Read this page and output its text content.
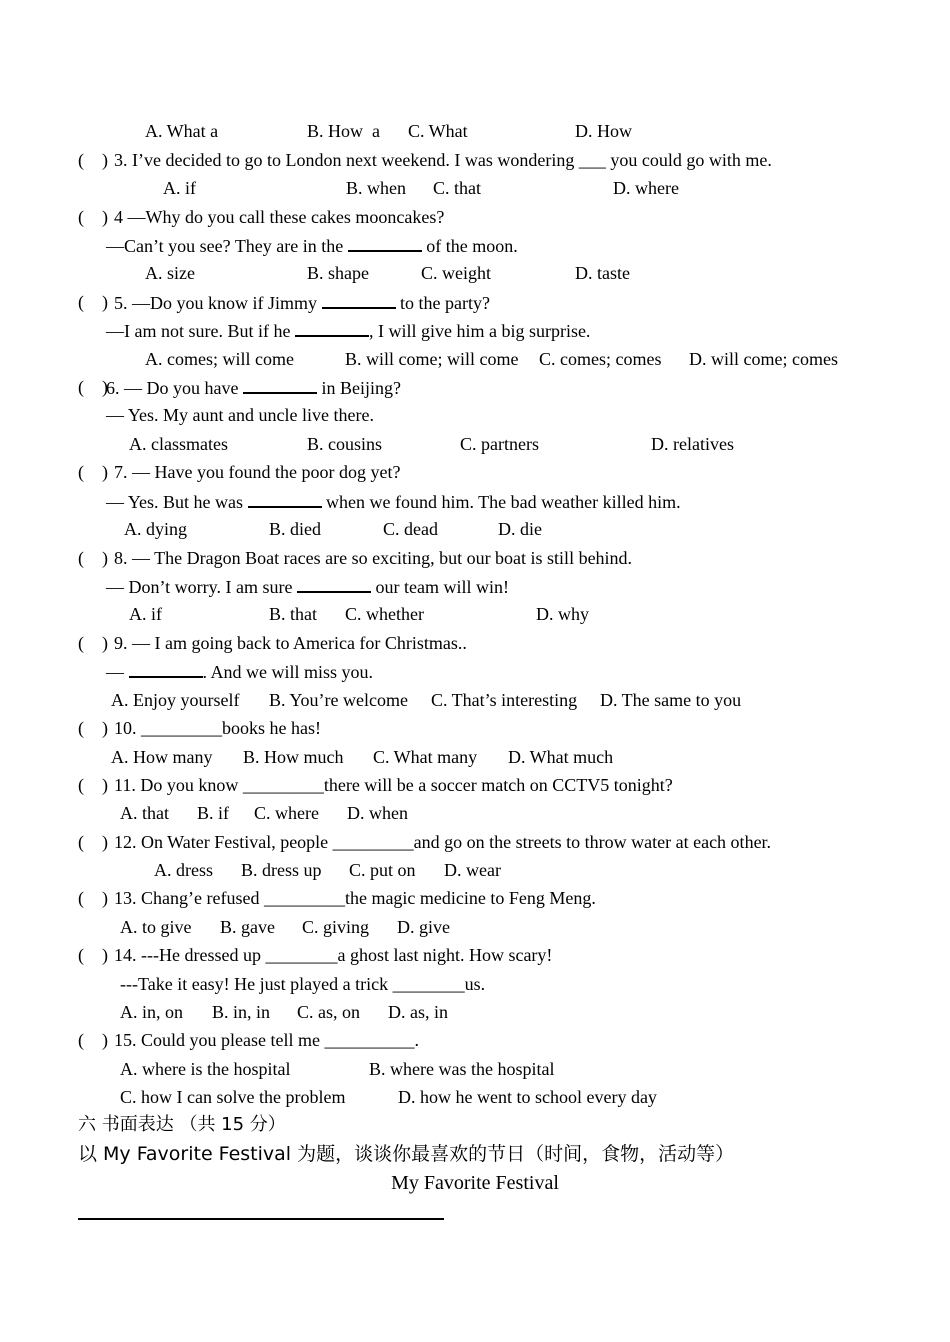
A. What a	B. How  a C. What	D. How
(    ) 3. I’ve decided to go to London next weekend. I was wondering ___ you could go with me.
A. if	B. when C. that	D. where
(    ) 4 —Why do you call these cakes mooncakes?
—Can’t you see? They are in the	of the moon.
A. size	B. shape	C. weight	D. taste
(    ) 5. —Do you know if Jimmy	to the party?
—I am not sure. But if he	, I will give him a big surprise.
A. comes; will come	B. will come; will come C. comes; comes D. will come; comes
(    )
6. — Do you have	in Beijing?
— Yes. My aunt and uncle live there.
A. classmates	B. cousins	C. partners	D. relatives
(    ) 7. — Have you found the poor dog yet?
— Yes. But he was	when we found him. The bad weather killed him.
A. dying	B. died	C. dead	D. die
(    ) 8. — The Dragon Boat races are so exciting, but our boat is still behind.
— Don’t worry. I am sure	our team will win!
A. if	B. that C. whether	D. why
(    ) 9. — I am going back to America for Christmas..
—	. And we will miss you.
A. Enjoy yourself B. You’re welcome C. That’s interesting D. The same to you
(    ) 10. _________books he has!
A. How many B. How much C. What many D. What much
(    ) 11. Do you know _________there will be a soccer match on CCTV5 tonight?
A. that B. if C. where D. when
(    ) 12. On Water Festival, people _________and go on the streets to throw water at each other.
A. dress B. dress up C. put on D. wear
(    ) 13. Chang’e refused _________the magic medicine to Feng Meng.
A. to give B. gave C. giving D. give
(    ) 14. ---He dressed up ________a ghost last night. How scary!
---Take it easy! He just played a trick ________us.
A. in, on B. in, in C. as, on D. as, in
(    ) 15. Could you please tell me __________.
A. where is the hospital	B. where was the hospital
C. how I can solve the problem	D. how he went to school every day
六 书面表达 （共 15 分）
以 My Favorite Festival 为题，谈谈你最喜欢的节日（时间，食物，活动等）
My Favorite Festival
